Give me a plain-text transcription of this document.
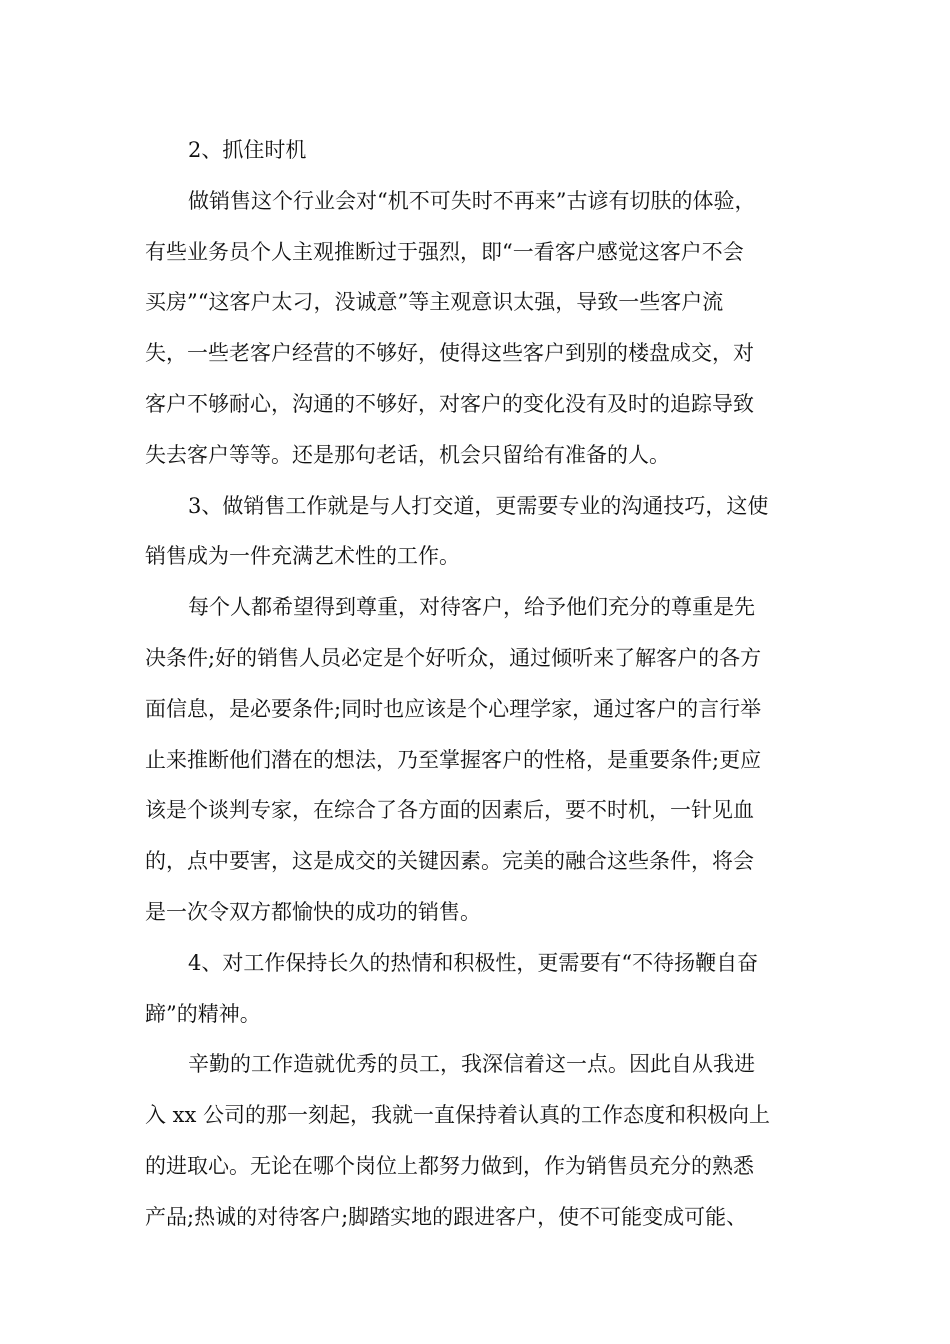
2、抓住时机

做销售这个行业会对“机不可失时不再来”古谚有切肤的体验，
有些业务员个人主观推断过于强烈，即“一看客户感觉这客户不会
买房”“这客户太刁，没诚意”等主观意识太强，导致一些客户流
失，一些老客户经营的不够好，使得这些客户到别的楼盘成交，对
客户不够耐心，沟通的不够好，对客户的变化没有及时的追踪导致
失去客户等等。还是那句老话，机会只留给有准备的人。

3、做销售工作就是与人打交道，更需要专业的沟通技巧，这使
销售成为一件充满艺术性的工作。

每个人都希望得到尊重，对待客户，给予他们充分的尊重是先
决条件;好的销售人员必定是个好听众，通过倾听来了解客户的各方
面信息，是必要条件;同时也应该是个心理学家，通过客户的言行举
止来推断他们潜在的想法，乃至掌握客户的性格，是重要条件;更应
该是个谈判专家，在综合了各方面的因素后，要不时机，一针见血
的，点中要害，这是成交的关键因素。完美的融合这些条件，将会
是一次令双方都愉快的成功的销售。

4、对工作保持长久的热情和积极性，更需要有“不待扬鞭自奋
蹄”的精神。

辛勤的工作造就优秀的员工，我深信着这一点。因此自从我进
入 xx 公司的那一刻起，我就一直保持着认真的工作态度和积极向上
的进取心。无论在哪个岗位上都努力做到，作为销售员充分的熟悉
产品;热诚的对待客户;脚踏实地的跟进客户，使不可能变成可能、
